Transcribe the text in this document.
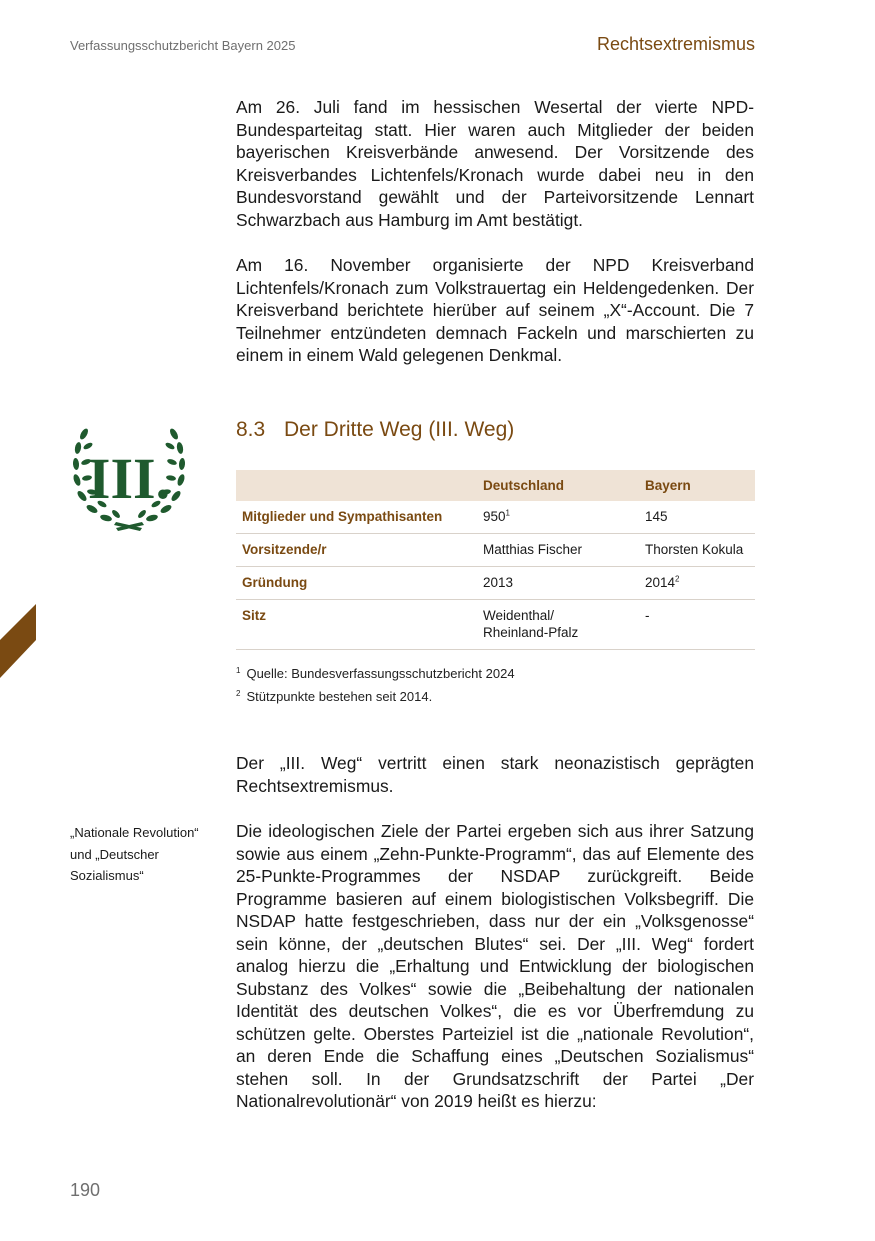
Verfassungsschutzbericht Bayern 2025	Rechtsextremismus

Am 26. Juli fand im hessischen Wesertal der vierte NPD-Bundesparteitag statt. Hier waren auch Mitglieder der beiden bayerischen Kreisverbände anwesend. Der Vorsitzende des Kreisverbandes Lichtenfels/Kronach wurde dabei neu in den Bundesvorstand gewählt und der Parteivorsitzende Lennart Schwarzbach aus Hamburg im Amt bestätigt.

Am 16. November organisierte der NPD Kreisverband Lichtenfels/Kronach zum Volkstrauertag ein Heldengedenken. Der Kreisverband berichtete hierüber auf seinem „X“-Account. Die 7 Teilnehmer entzündeten demnach Fackeln und marschierten zu einem in einem Wald gelegenen Denkmal.

III.
8.3 Der Dritte Weg (III. Weg)
	Deutschland	Bayern
Mitglieder und Sympathisanten	$950^1$	145
Vorsitzende/r	Matthias Fischer	Thorsten Kokula
Gründung	2013	2014$^2$
Sitz	Weidenthal/ Rheinland-Pfalz	-
$^1$ Quelle: Bundesverfassungsschutzbericht 2024
$^2$ Stützpunkte bestehen seit 2014.

Der „III. Weg“ vertritt einen stark neonazistisch geprägten Rechtsextremismus.

„Nationale Revolution“ und „Deutscher Sozialismus“

Die ideologischen Ziele der Partei ergeben sich aus ihrer Satzung sowie aus einem „Zehn-Punkte-Programm“, das auf Elemente des 25-Punkte-Programmes der NSDAP zurückgreift. Beide Programme basieren auf einem biologistischen Volksbegriff. Die NSDAP hatte festgeschrieben, dass nur der ein „Volksgenosse“ sein könne, der „deutschen Blutes“ sei. Der „III. Weg“ fordert analog hierzu die „Erhaltung und Entwicklung der biologischen Substanz des Volkes“ sowie die „Beibehaltung der nationalen Identität des deutschen Volkes“, die es vor Überfremdung zu schützen gelte. Oberstes Parteiziel ist die „nationale Revolution“, an deren Ende die Schaffung eines „Deutschen Sozialismus“ stehen soll. In der Grundsatzschrift der Partei „Der Nationalrevolutionär“ von 2019 heißt es hierzu:

190
